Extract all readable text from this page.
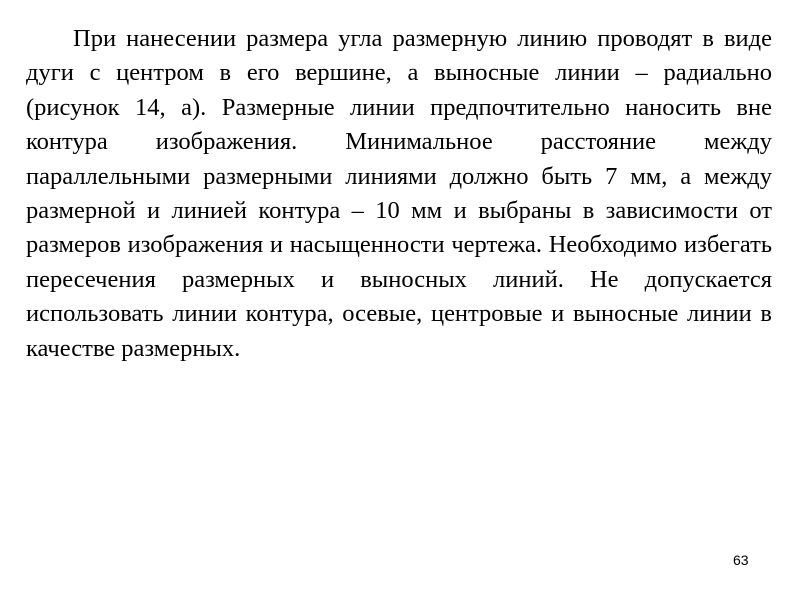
При нанесении размера угла размерную линию проводят в виде дуги с центром в его вершине, а выносные линии – радиально (рисунок 14, а). Размерные линии предпочтительно наносить вне контура изображения. Минимальное расстояние между параллельными размерными линиями должно быть 7 мм, а между размерной и линией контура – 10 мм и выбраны в зависимости от размеров изображения и насыщенности чертежа. Необходимо избегать пересечения размерных и выносных линий. Не допускается использовать линии контура, осевые, центровые и выносные линии в качестве размерных.

63
